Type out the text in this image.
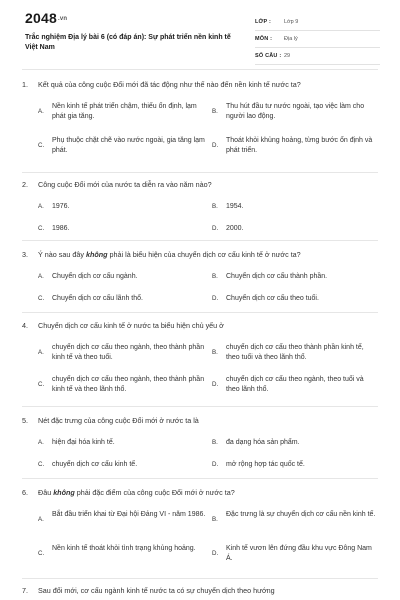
2048.vn
Trắc nghiệm Địa lý bài 6 (có đáp án): Sự phát triển nền kinh tế Việt Nam
LỚP : Lớp 9
MÔN : Địa lý
SỐ CÂU : 29
1. Kết quả của công cuộc Đổi mới đã tác động như thế nào đến nền kinh tế nước ta?
A.
Nền kinh tế phát triển chậm, thiếu ổn định, lạm phát gia tăng.
B.
Thu hút đầu tư nước ngoài, tạo việc làm cho người lao động.
C.
Phụ thuộc chặt chẽ vào nước ngoài, gia tăng lạm phát.
D.
Thoát khỏi khủng hoảng, từng bước ổn định và phát triển.
2. Công cuộc Đổi mới của nước ta diễn ra vào năm nào?
A. 1976.	B. 1954.
C. 1986.	D. 2000.
3. Ý nào sau đây không phải là biểu hiện của chuyển dịch cơ cấu kinh tế ở nước ta?
A. Chuyển dịch cơ cấu ngành.	B. Chuyển dịch cơ cấu thành phần.
C. Chuyển dịch cơ cấu lãnh thổ.	D. Chuyển dịch cơ cấu theo tuổi.
4. Chuyển dịch cơ cấu kinh tế ở nước ta biểu hiện chủ yếu ở
A.
chuyển dịch cơ cấu theo ngành, theo thành phần kinh tế và theo tuổi.
B.
chuyển dịch cơ cấu theo thành phần kinh tế, theo tuổi và theo lãnh thổ.
C.
chuyển dịch cơ cấu theo ngành, theo thành phần kinh tế và theo lãnh thổ.
D.
chuyển dịch cơ cấu theo ngành, theo tuổi và theo lãnh thổ.
5. Nét đặc trưng của công cuộc Đổi mới ở nước ta là
A. hiện đại hóa kinh tế.	B. đa dạng hóa sản phẩm.
C. chuyển dịch cơ cấu kinh tế.	D. mở rộng hợp tác quốc tế.
6. Đâu không phải đặc điểm của công cuộc Đổi mới ở nước ta?
A.
Bắt đầu triển khai từ Đại hội Đảng VI - năm 1986.
B.
Đặc trưng là sự chuyển dịch cơ cấu nền kinh tế.
C.
Nền kinh tế thoát khỏi tình trạng khủng hoảng.
D.
Kinh tế vươn lên đứng đầu khu vực Đông Nam Á.
7. Sau đổi mới, cơ cấu ngành kinh tế nước ta có sự chuyển dịch theo hướng
